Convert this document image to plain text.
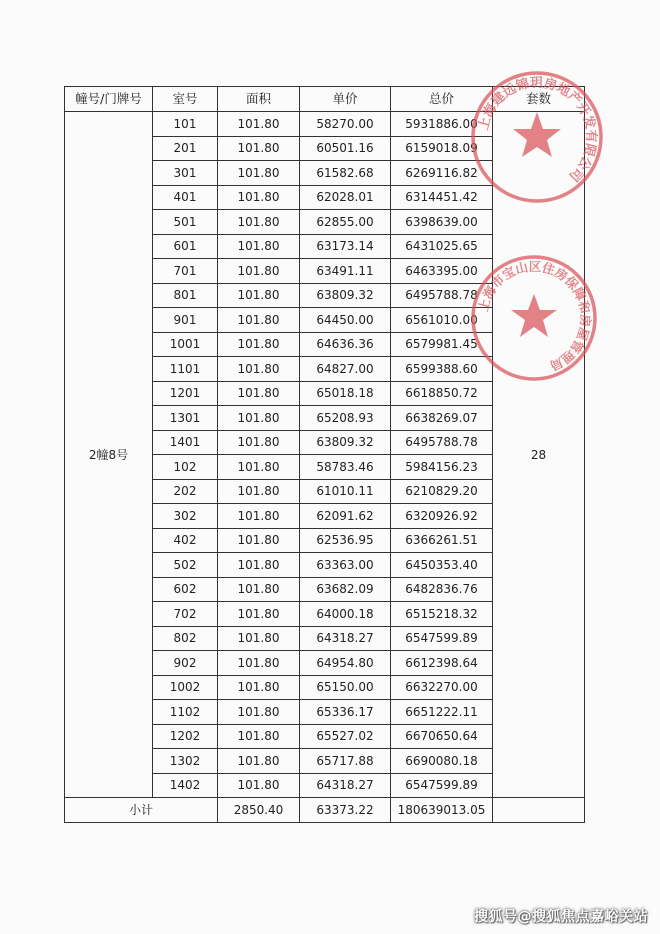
幢号/门牌号	室号	面积	单价	总价	套数
2幢8号	101	101.80	58270.00	5931886.00	28
	201	101.80	60501.16	6159018.09	
	301	101.80	61582.68	6269116.82	
	401	101.80	62028.01	6314451.42	
	501	101.80	62855.00	6398639.00	
	601	101.80	63173.14	6431025.65	
	701	101.80	63491.11	6463395.00	
	801	101.80	63809.32	6495788.78	
	901	101.80	64450.00	6561010.00	
	1001	101.80	64636.36	6579981.45	
	1101	101.80	64827.00	6599388.60	
	1201	101.80	65018.18	6618850.72	
	1301	101.80	65208.93	6638269.07	
	1401	101.80	63809.32	6495788.78	
	102	101.80	58783.46	5984156.23	
	202	101.80	61010.11	6210829.20	
	302	101.80	62091.62	6320926.92	
	402	101.80	62536.95	6366261.51	
	502	101.80	63363.00	6450353.40	
	602	101.80	63682.09	6482836.76	
	702	101.80	64000.18	6515218.32	
	802	101.80	64318.27	6547599.89	
	902	101.80	64954.80	6612398.64	
	1002	101.80	65150.00	6632270.00	
	1102	101.80	65336.17	6651222.11	
	1202	101.80	65527.02	6670650.64	
	1302	101.80	65717.88	6690080.18	
	1402	101.80	64318.27	6547599.89	
小计		2850.40	63373.22	180639013.05	
上海建远锦玥房地产开发有限公司
上海市宝山区住房保障和房屋管理局
搜狐号@搜狐焦点嘉峪关站
